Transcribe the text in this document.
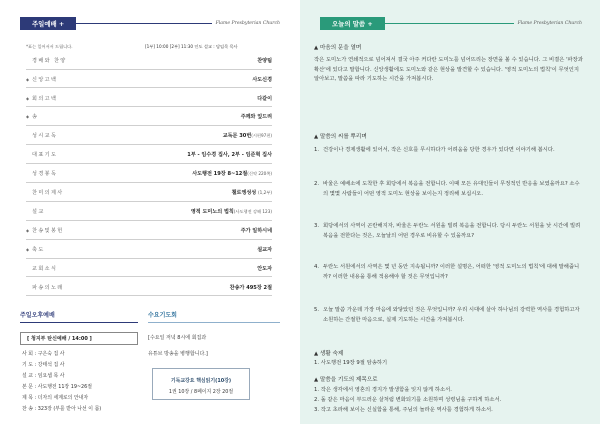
주일예배 +	Flame Presbyterian Church
*표는 일어서서 드립니다.	[1부] 10:00 [2부] 11:30 인도 설교 : 담임목 목사
경배와 찬양	찬양팀
◈ 신앙고백	사도신경
◈ 회의고백	다같이
◈ 송	주께와 엎드려
성시교독	교독문 30번(시편97편)
대표기도	1부 - 임수경 집사, 2부 - 임준혁 집사
성경봉독	사도행전 19장 8~12절(신약 220쪽)
찬미의제사	챌로엥성성 (1,2부)
설교	영적 도미노의 법칙(사도행전 강해 123)
◈ 찬송및봉헌	주가 일하시네
◈ 축도	설교자
교회소식	안도자
파송의노래	찬송가 495장 2절
주일오후예배
[ 청지부 탄신예배 / 14:00 ]
사 회 : 구은숙 집 사
기 도 : 강태석 집 사
설 교 : 임요셉 목 사
본 문 : 사도행전 11장 19~26절
제 목 : 더자의 세계로의 안내자
찬 송 : 323장 (부를 받아 나선 이 몸)
수요기도회
[수요일 저녁 8시에 회집과
유튜브 방송을 병행합니다.]
기독교강요 핵심읽기(10강)
1권 10장 / 8페이지 2장 20절
오늘의 말씀 +	Flame Presbyterian Church
▲ 마음의 문을 열며
작은 도미노가 연쇄적으로 넘어져서 결국 아주 커다란 도미노를 넘어뜨리는 장면을 볼 수 있습니다. 그 비결은 '파장과 확산'에 있다고 말합니다. 신앙생활에도 도미노와 같은 현상을 발견할 수 있습니다. '영적 도미노의 법칙'이 무엇인지 알아보고, 말씀을 따라 기도하는 시간을 가져봅시다.
▲ 말씀의 씨를 뿌리며
1. 건강이나 경제생활에 있어서, 작은 신호를 무시하다가 어려움을 당한 경우가 있다면 이야기해 봅시다.
2. 바울은 예배소에 도착한 후 회당에서 복음을 전합니다. 이때 모든 유대인들이 무정적인 반응을 보였을까요? 소수의 몇몇 사람들이 어떤 영적 도미노 현상을 보이는지 정리해 보십시오.
3. 회당에서의 사역이 곤란해지자, 바울은 두란노 서원을 빌려 복음을 전합니다. 당시 두란노 서원을 낮 시간에 빌려 복음을 전한다는 것은, 오늘날의 어떤 경우로 비유할 수 있을까요?
4. 두란노 서원에서의 사역은 몇 년 동안 지속됩니까? 이러한 설명은, 어떠한 '영적 도미노의 법칙'에 대해 말해줍니까? 이러한 내용을 통해 적용해야 할 것은 무엇입니까?
5. 오늘 말씀 가운데 가장 마음에 와닿았던 것은 무엇입니까? 우리 시대에 살아 하나님의 강력한 역사를 경험하고자 소원하는 간절한 마음으로, 실제 기도하는 시간을 가져봅시다.
▲ 생활 숙제
1. 사도행전 19장 9절 암송하기
▲ 말씀을 기도의 제목으로
1. 작은 생각에서 영혼의 경지가 발생함을 잊지 않게 하소서.
2. 돌 같은 마음이 부드러운 살처럼 변화되기를 소원하며 성령님을 구하게 하소서.
3. 작고 초라해 보이는 신실함을 통해, 주님의 놀라운 역사를 경험하게 하소서.
